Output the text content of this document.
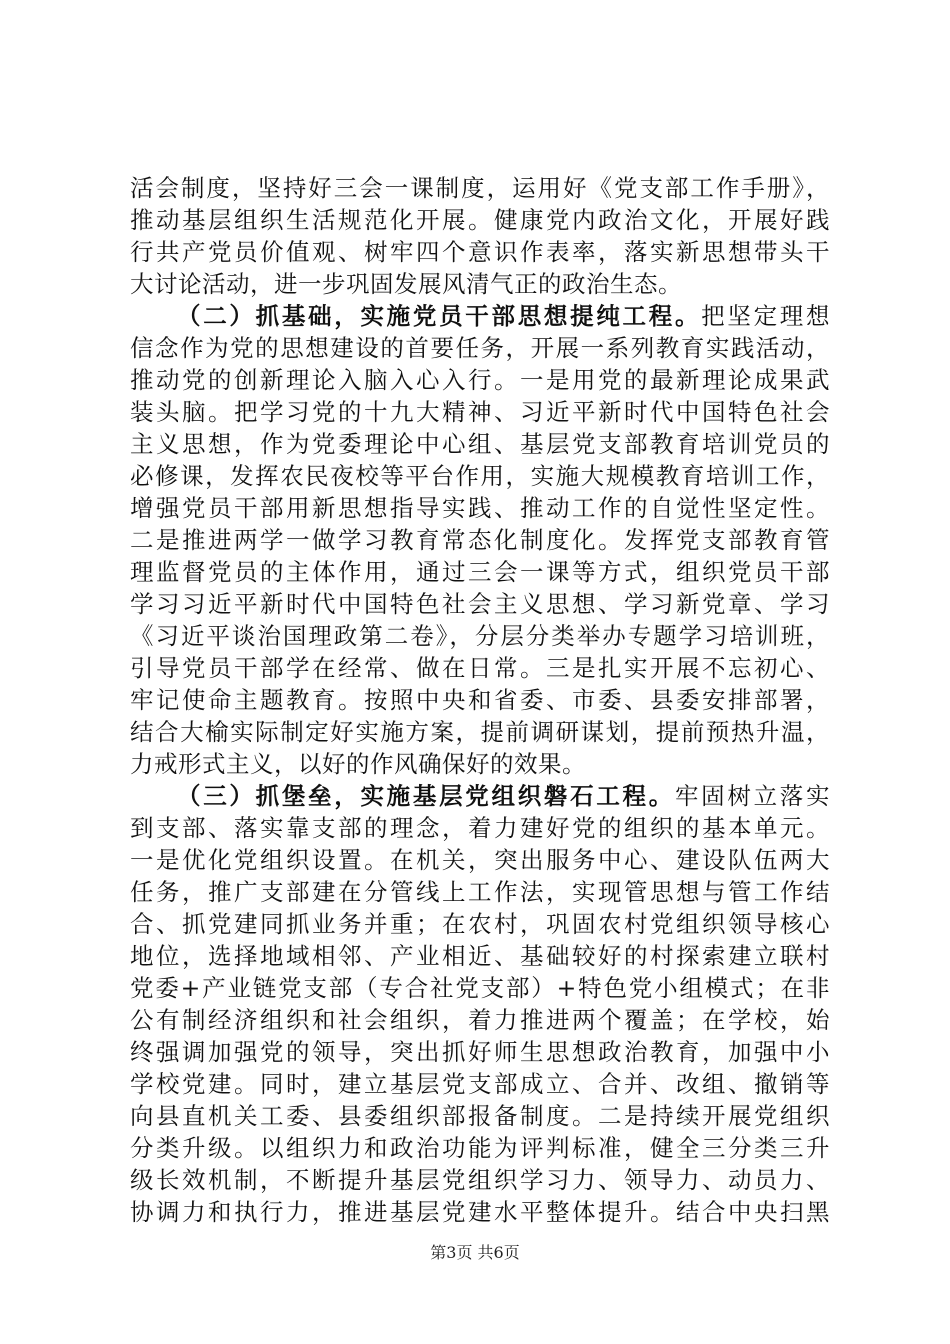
活会制度，坚持好三会一课制度，运用好《党支部工作手册》，
推动基层组织生活规范化开展。健康党内政治文化，开展好践
行共产党员价值观、树牢四个意识作表率，落实新思想带头干
大讨论活动，进一步巩固发展风清气正的政治生态。
（二）抓基础，实施党员干部思想提纯工程。把坚定理想
信念作为党的思想建设的首要任务，开展一系列教育实践活动，
推动党的创新理论入脑入心入行。一是用党的最新理论成果武
装头脑。把学习党的十九大精神、习近平新时代中国特色社会
主义思想，作为党委理论中心组、基层党支部教育培训党员的
必修课，发挥农民夜校等平台作用，实施大规模教育培训工作，
增强党员干部用新思想指导实践、推动工作的自觉性坚定性。
二是推进两学一做学习教育常态化制度化。发挥党支部教育管
理监督党员的主体作用，通过三会一课等方式，组织党员干部
学习习近平新时代中国特色社会主义思想、学习新党章、学习
《习近平谈治国理政第二卷》，分层分类举办专题学习培训班，
引导党员干部学在经常、做在日常。三是扎实开展不忘初心、
牢记使命主题教育。按照中央和省委、市委、县委安排部署，
结合大榆实际制定好实施方案，提前调研谋划，提前预热升温，
力戒形式主义，以好的作风确保好的效果。
（三）抓堡垒，实施基层党组织磐石工程。牢固树立落实
到支部、落实靠支部的理念，着力建好党的组织的基本单元。
一是优化党组织设置。在机关，突出服务中心、建设队伍两大
任务，推广支部建在分管线上工作法，实现管思想与管工作结
合、抓党建同抓业务并重；在农村，巩固农村党组织领导核心
地位，选择地域相邻、产业相近、基础较好的村探索建立联村
党委+产业链党支部（专合社党支部）+特色党小组模式；在非
公有制经济组织和社会组织，着力推进两个覆盖；在学校，始
终强调加强党的领导，突出抓好师生思想政治教育，加强中小
学校党建。同时，建立基层党支部成立、合并、改组、撤销等
向县直机关工委、县委组织部报备制度。二是持续开展党组织
分类升级。以组织力和政治功能为评判标准，健全三分类三升
级长效机制，不断提升基层党组织学习力、领导力、动员力、
协调力和执行力，推进基层党建水平整体提升。结合中央扫黑
第3页 共6页
